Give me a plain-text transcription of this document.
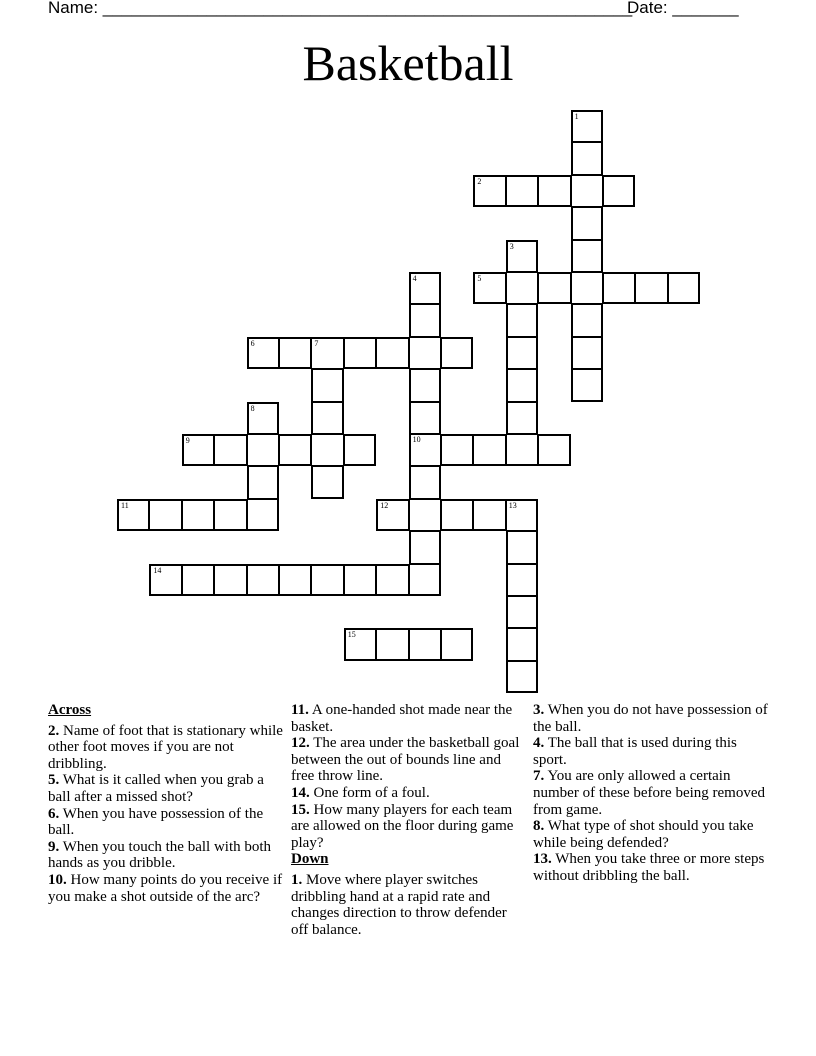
Name: ________________________________________________________
Date: _______
Basketball
1
2
3
4
10
5
6	7
8
9
11	12	13
14
15
Across
2. Name of foot that is stationary while other foot moves if you are not dribbling.
5. What is it called when you grab a ball after a missed shot?
6. When you have possession of the ball.
9. When you touch the ball with both hands as you dribble.
10. How many points do you receive if you make a shot outside of the arc?
11. A one-handed shot made near the basket.
12. The area under the basketball goal between the out of bounds line and free throw line.
14. One form of a foul.
15. How many players for each team are allowed on the floor during game play?
Down
1. Move where player switches dribbling hand at a rapid rate and changes direction to throw defender off balance.
3. When you do not have possession of the ball.
4. The ball that is used during this sport.
7. You are only allowed a certain number of these before being removed from game.
8. What type of shot should you take while being defended?
13. When you take three or more steps without dribbling the ball.
